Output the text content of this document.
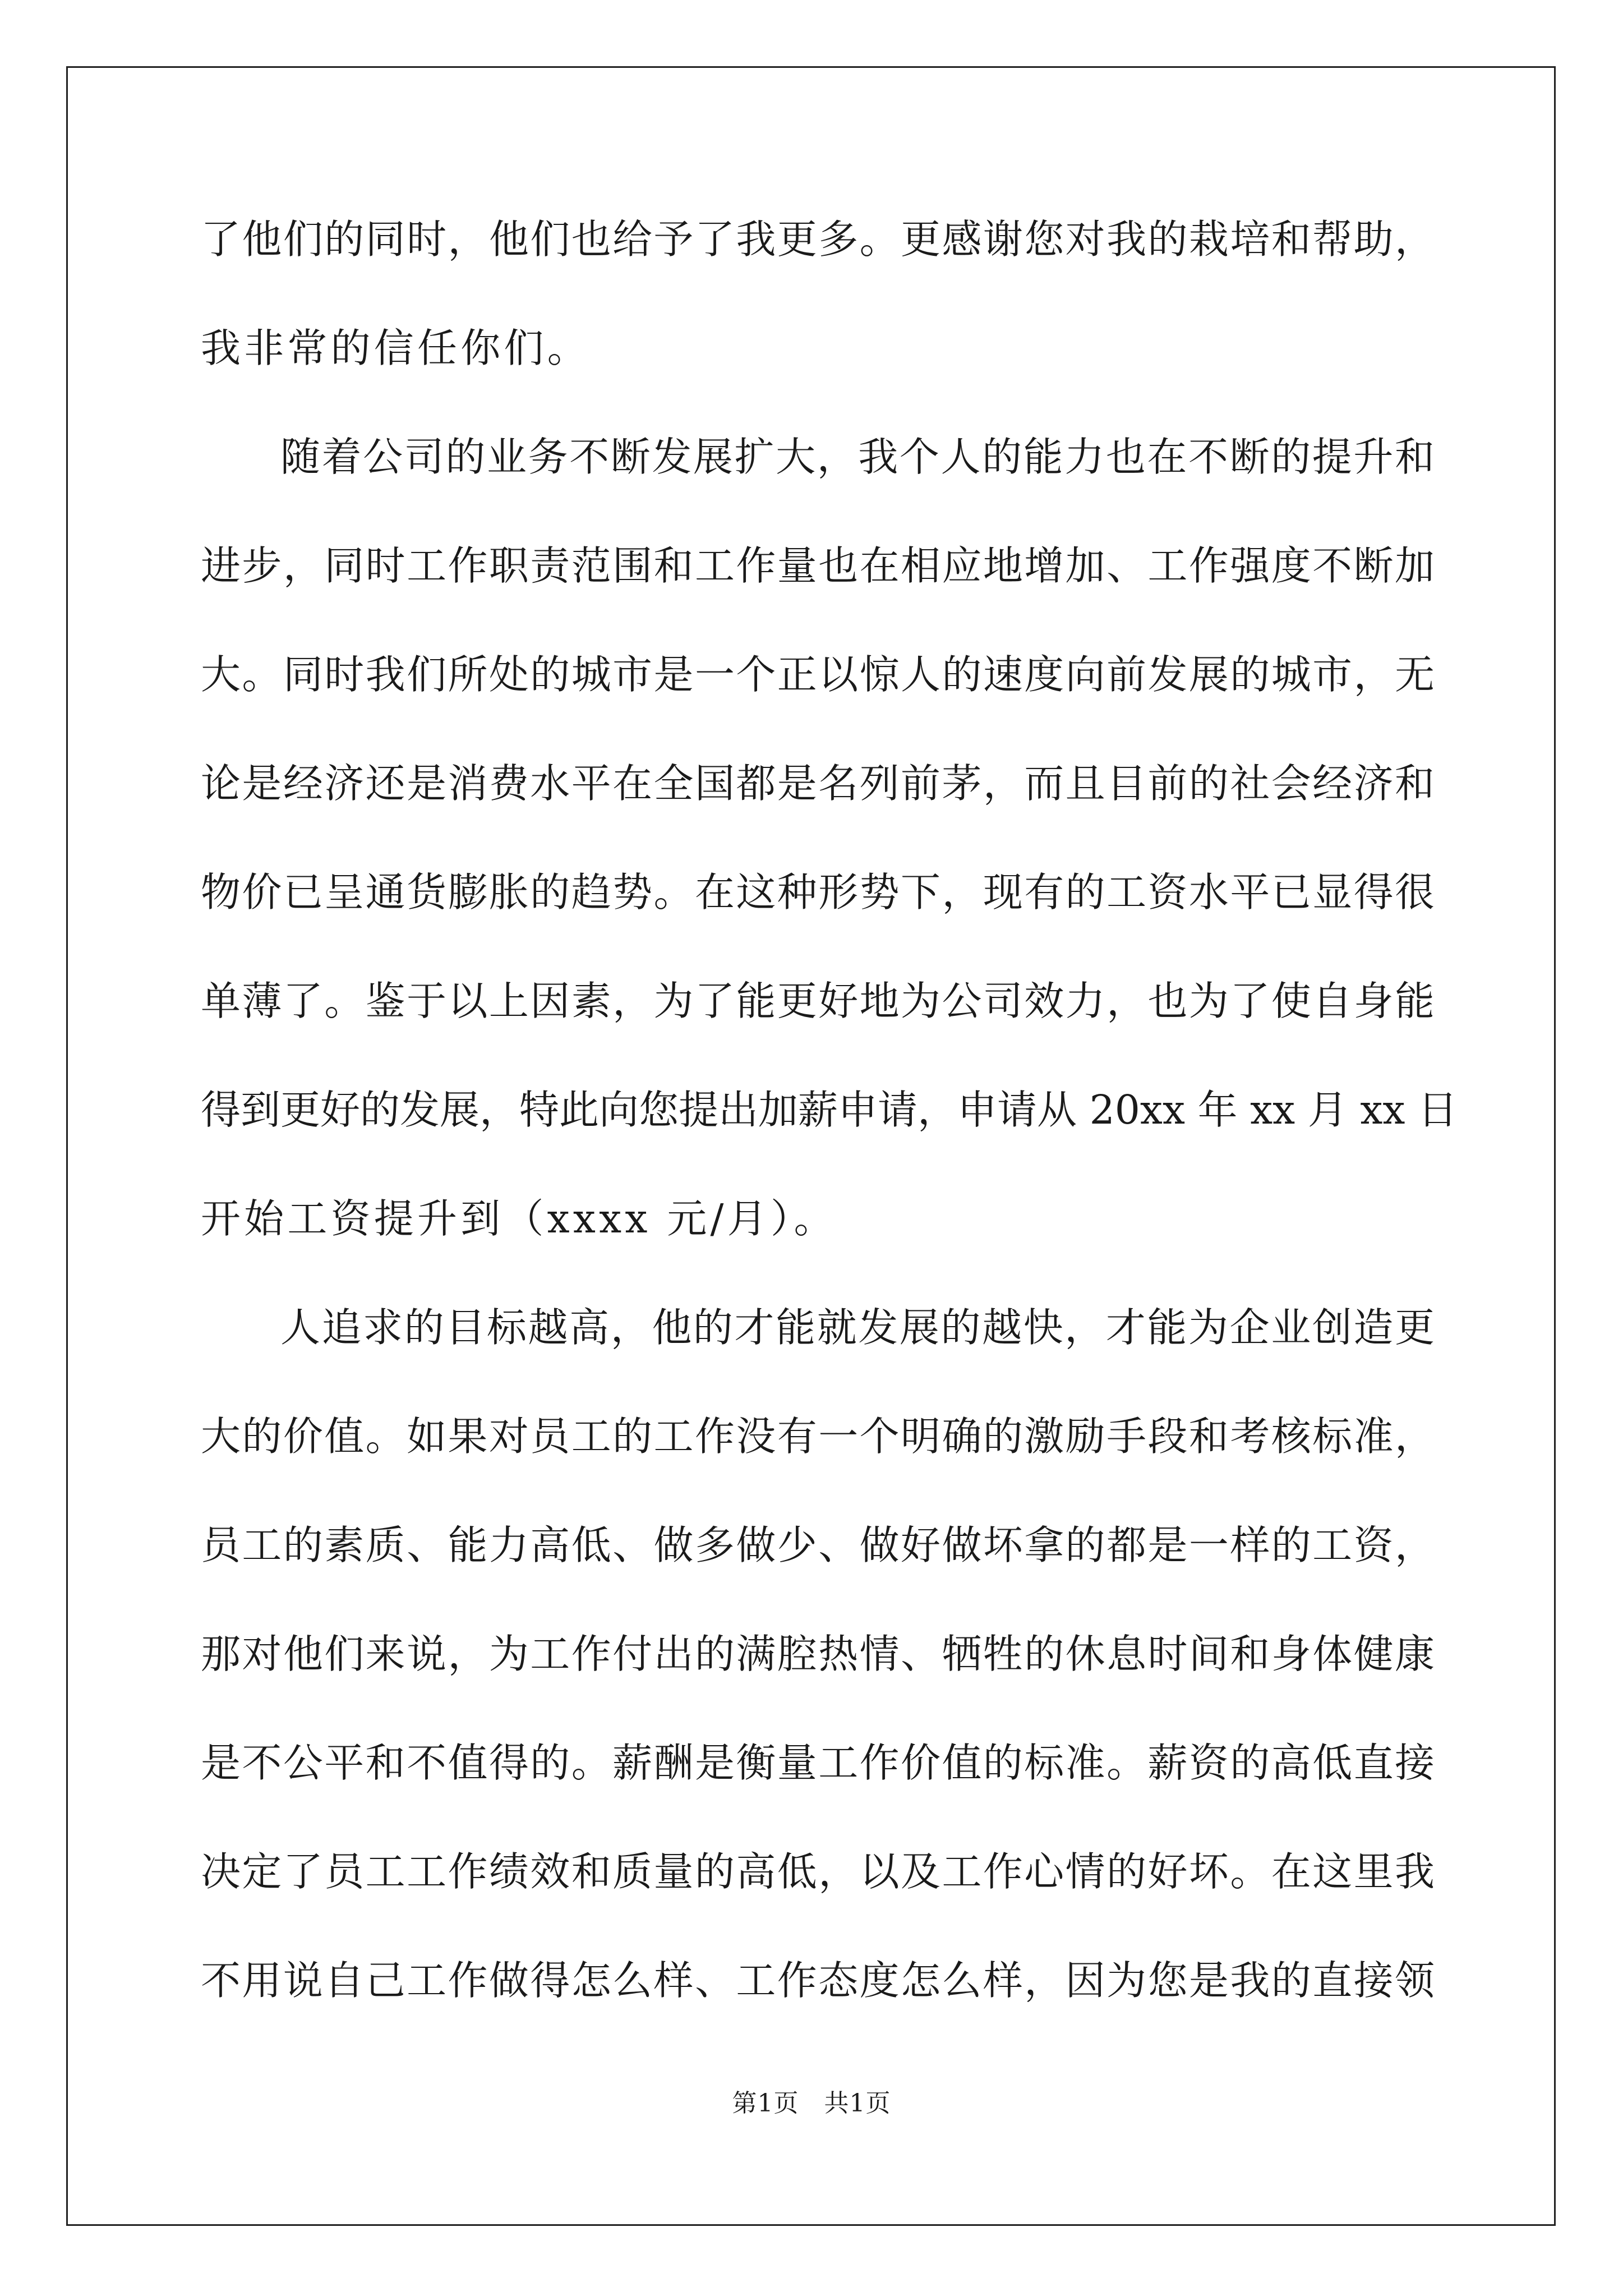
了他们的同时，他们也给予了我更多。更感谢您对我的栽培和帮助，
我非常的信任你们。
随着公司的业务不断发展扩大，我个人的能力也在不断的提升和
进步，同时工作职责范围和工作量也在相应地增加、工作强度不断加
大。同时我们所处的城市是一个正以惊人的速度向前发展的城市，无
论是经济还是消费水平在全国都是名列前茅，而且目前的社会经济和
物价已呈通货膨胀的趋势。在这种形势下，现有的工资水平已显得很
单薄了。鉴于以上因素，为了能更好地为公司效力，也为了使自身能
得到更好的发展，特此向您提出加薪申请，申请从 20xx 年 xx 月 xx 日
开始工资提升到（xxxx 元/月）。
人追求的目标越高，他的才能就发展的越快，才能为企业创造更
大的价值。如果对员工的工作没有一个明确的激励手段和考核标准，
员工的素质、能力高低、做多做少、做好做坏拿的都是一样的工资，
那对他们来说，为工作付出的满腔热情、牺牲的休息时间和身体健康
是不公平和不值得的。薪酬是衡量工作价值的标准。薪资的高低直接
决定了员工工作绩效和质量的高低，以及工作心情的好坏。在这里我
不用说自己工作做得怎么样、工作态度怎么样，因为您是我的直接领
第1页　共1页
